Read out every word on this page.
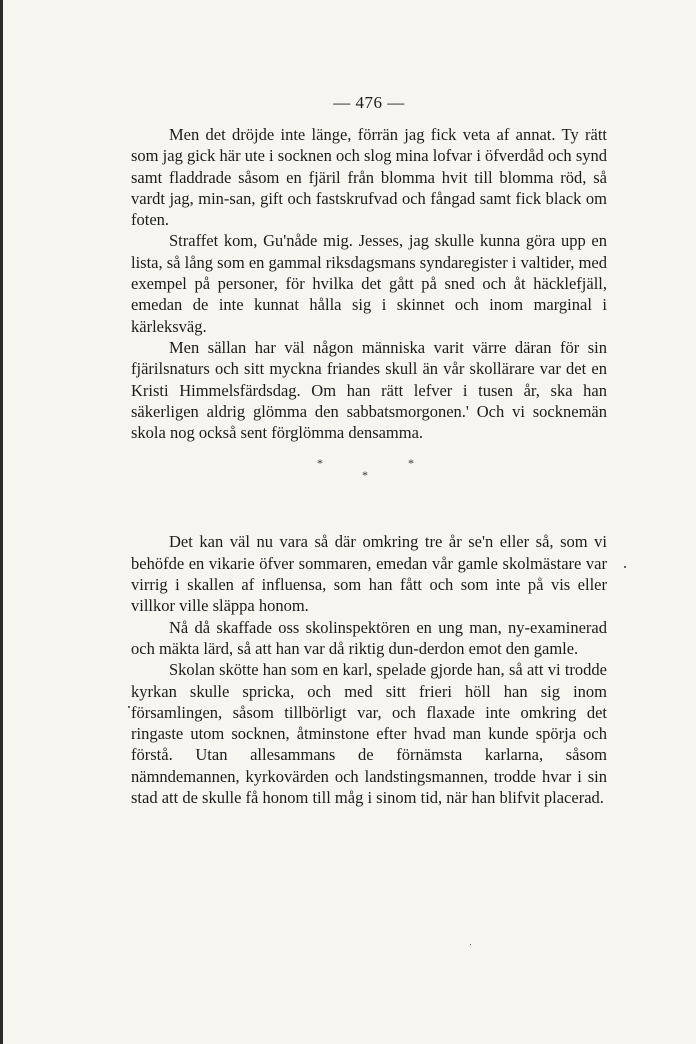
— 476 —

Men det dröjde inte länge, förrän jag fick veta af annat. Ty rätt som jag gick här ute i socknen och slog mina lofvar i öfverdåd och synd samt fladdrade såsom en fjäril från blomma hvit till blomma röd, så vardt jag, min-san, gift och fastskrufvad och fångad samt fick black om foten.

Straffet kom, Gu'nåde mig. Jesses, jag skulle kunna göra upp en lista, så lång som en gammal riksdagsmans syndaregister i valtider, med exempel på personer, för hvilka det gått på sned och åt häcklefjäll, emedan de inte kunnat hålla sig i skinnet och inom marginal i kärleksväg.

Men sällan har väl någon människa varit värre däran för sin fjärilsnaturs och sitt myckna friandes skull än vår skollärare var det en Kristi Himmelsfärdsdag. Om han rätt lefver i tusen år, ska han säkerligen aldrig glömma den sabbatsmorgonen.' Och vi socknemän skola nog också sent förglömma densamma.

*	*
*

Det kan väl nu vara så där omkring tre år se'n eller så, som vi behöfde en vikarie öfver sommaren, emedan vår gamle skolmästare var virrig i skallen af influensa, som han fått och som inte på vis eller villkor ville släppa honom.

Nå då skaffade oss skolinspektören en ung man, ny-examinerad och mäkta lärd, så att han var då riktig dun-derdon emot den gamle.

Skolan skötte han som en karl, spelade gjorde han, så att vi trodde kyrkan skulle spricka, och med sitt frieri höll han sig inom församlingen, såsom tillbörligt var, och flaxade inte omkring det ringaste utom socknen, åtminstone efter hvad man kunde spörja och förstå. Utan allesammans de förnämsta karlarna, såsom nämndemannen, kyrkovärden och landstingsmannen, trodde hvar i sin stad att de skulle få honom till måg i sinom tid, när han blifvit placerad.
